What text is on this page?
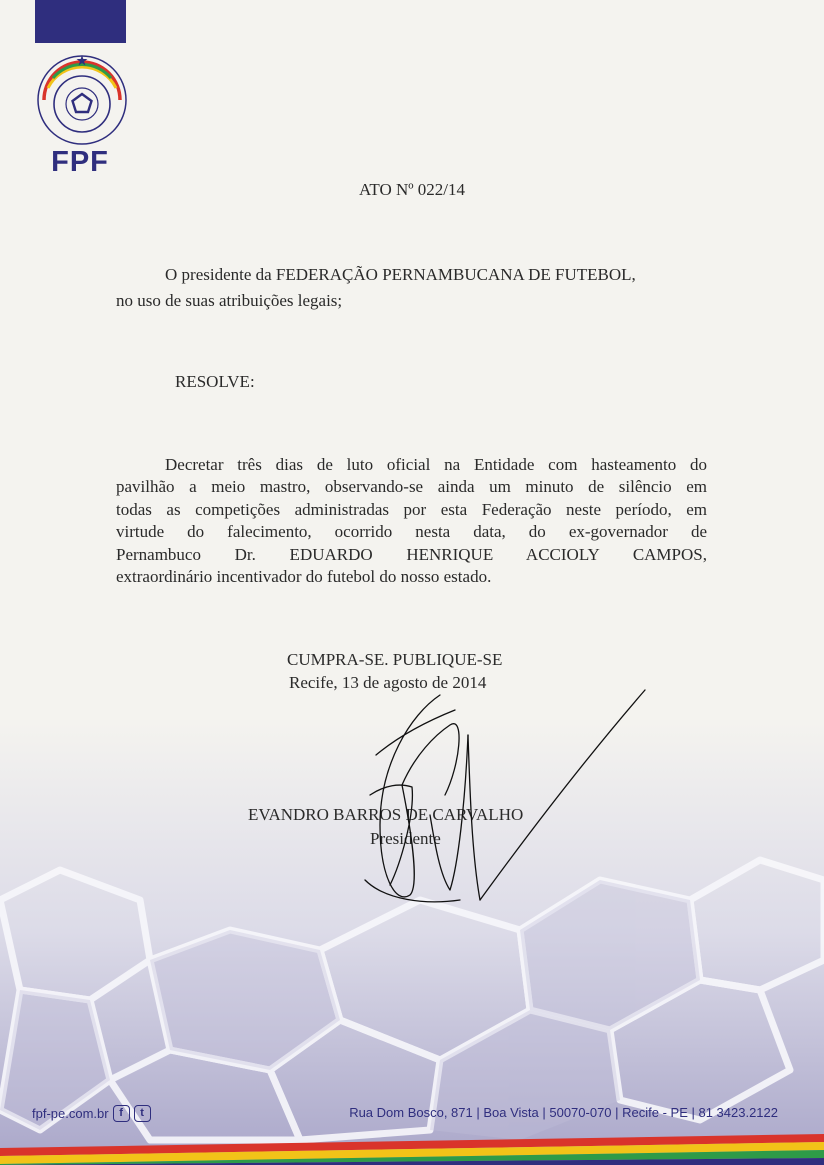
FPF
ATO Nº 022/14
O presidente da FEDERAÇÃO PERNAMBUCANA DE FUTEBOL,
no uso de suas atribuições legais;
RESOLVE:
Decretar três dias de luto oficial na Entidade com hasteamento do
pavilhão a meio mastro, observando-se ainda um minuto de silêncio em
todas as competições administradas por esta Federação neste período, em
virtude do falecimento, ocorrido nesta data, do ex-governador de
Pernambuco Dr. EDUARDO HENRIQUE ACCIOLY CAMPOS,
extraordinário incentivador do futebol do nosso estado.
CUMPRA-SE. PUBLIQUE-SE
Recife, 13 de agosto de 2014
EVANDRO BARROS DE CARVALHO
Presidente
fpf-pe.com.br f	t	Rua Dom Bosco, 871 | Boa Vista | 50070-070 | Recife - PE | 81 3423.2122
